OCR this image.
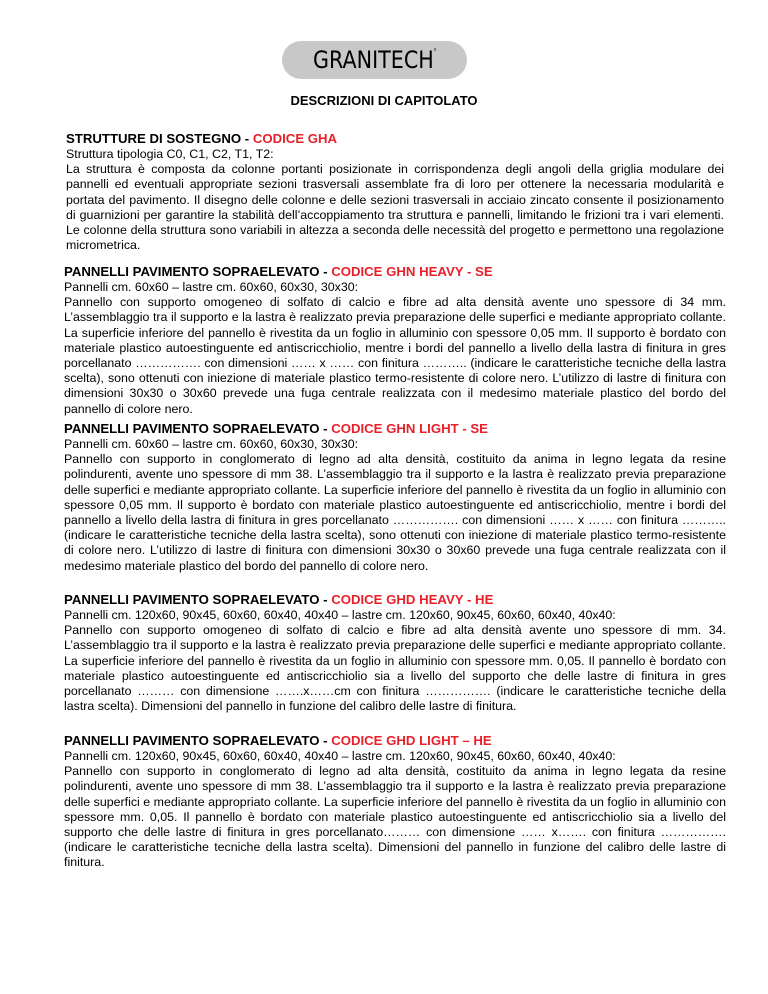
GRANITECH'
DESCRIZIONI DI CAPITOLATO

STRUTTURE DI SOSTEGNO - CODICE GHA

Struttura tipologia C0, C1, C2, T1, T2:

La struttura è composta da colonne portanti posizionate in corrispondenza degli angoli della griglia modulare dei pannelli ed eventuali appropriate sezioni trasversali assemblate fra di loro per ottenere la necessaria modularità e portata del pavimento. Il disegno delle colonne e delle sezioni trasversali in acciaio zincato consente il posizionamento di guarnizioni per garantire la stabilità dell’accoppiamento tra struttura e pannelli, limitando le frizioni tra i vari elementi. Le colonne della struttura sono variabili in altezza a seconda delle necessità del progetto e permettono una regolazione micrometrica.

PANNELLI PAVIMENTO SOPRAELEVATO - CODICE GHN HEAVY - SE

Pannelli cm. 60x60 – lastre cm. 60x60, 60x30, 30x30:

Pannello con supporto omogeneo di solfato di calcio e fibre ad alta densità avente uno spessore di 34 mm. L’assemblaggio tra il supporto e la lastra è realizzato previa preparazione delle superfici e mediante appropriato collante. La superficie inferiore del pannello è rivestita da un foglio in alluminio con spessore 0,05 mm. Il supporto è bordato con materiale plastico autoestinguente ed antiscricchiolio, mentre i bordi del pannello a livello della lastra di finitura in gres porcellanato ……………. con dimensioni …… x …… con finitura ……….. (indicare le caratteristiche tecniche della lastra scelta), sono ottenuti con iniezione di materiale plastico termo-resistente di colore nero. L’utilizzo di lastre di finitura con dimensioni 30x30 o 30x60 prevede una fuga centrale realizzata con il medesimo materiale plastico del bordo del pannello di colore nero.

PANNELLI PAVIMENTO SOPRAELEVATO - CODICE GHN LIGHT - SE

Pannelli cm. 60x60 – lastre cm. 60x60, 60x30, 30x30:

Pannello con supporto in conglomerato di legno ad alta densità, costituito da anima in legno legata da resine polindurenti, avente uno spessore di mm 38. L’assemblaggio tra il supporto e la lastra è realizzato previa preparazione delle superfici e mediante appropriato collante. La superficie inferiore del pannello è rivestita da un foglio in alluminio con spessore 0,05 mm. Il supporto è bordato con materiale plastico autoestinguente ed antiscricchiolio, mentre i bordi del pannello a livello della lastra di finitura in gres porcellanato ……………. con dimensioni …… x …… con finitura ……….. (indicare le caratteristiche tecniche della lastra scelta), sono ottenuti con iniezione di materiale plastico termo-resistente di colore nero. L’utilizzo di lastre di finitura con dimensioni 30x30 o 30x60 prevede una fuga centrale realizzata con il medesimo materiale plastico del bordo del pannello di colore nero.

PANNELLI PAVIMENTO SOPRAELEVATO - CODICE GHD HEAVY - HE

Pannelli cm. 120x60, 90x45, 60x60, 60x40, 40x40 – lastre cm. 120x60, 90x45, 60x60, 60x40, 40x40:

Pannello con supporto omogeneo di solfato di calcio e fibre ad alta densità avente uno spessore di mm. 34. L’assemblaggio tra il supporto e la lastra è realizzato previa preparazione delle superfici e mediante appropriato collante. La superficie inferiore del pannello è rivestita da un foglio in alluminio con spessore mm. 0,05. Il pannello è bordato con materiale plastico autoestinguente ed antiscricchiolio sia a livello del supporto che delle lastre di finitura in gres porcellanato ……… con dimensione …….x……cm con finitura ……………. (indicare le caratteristiche tecniche della lastra scelta). Dimensioni del pannello in funzione del calibro delle lastre di finitura.

PANNELLI PAVIMENTO SOPRAELEVATO - CODICE GHD LIGHT – HE

Pannelli cm. 120x60, 90x45, 60x60, 60x40, 40x40 – lastre cm. 120x60, 90x45, 60x60, 60x40, 40x40:

Pannello con supporto in conglomerato di legno ad alta densità, costituito da anima in legno legata da resine polindurenti, avente uno spessore di mm 38. L’assemblaggio tra il supporto e la lastra è realizzato previa preparazione delle superfici e mediante appropriato collante. La superficie inferiore del pannello è rivestita da un foglio in alluminio con spessore mm. 0,05. Il pannello è bordato con materiale plastico autoestinguente ed antiscricchiolio sia a livello del supporto che delle lastre di finitura in gres porcellanato……… con dimensione …… x……. con finitura ……………. (indicare le caratteristiche tecniche della lastra scelta). Dimensioni del pannello in funzione del calibro delle lastre di finitura.
